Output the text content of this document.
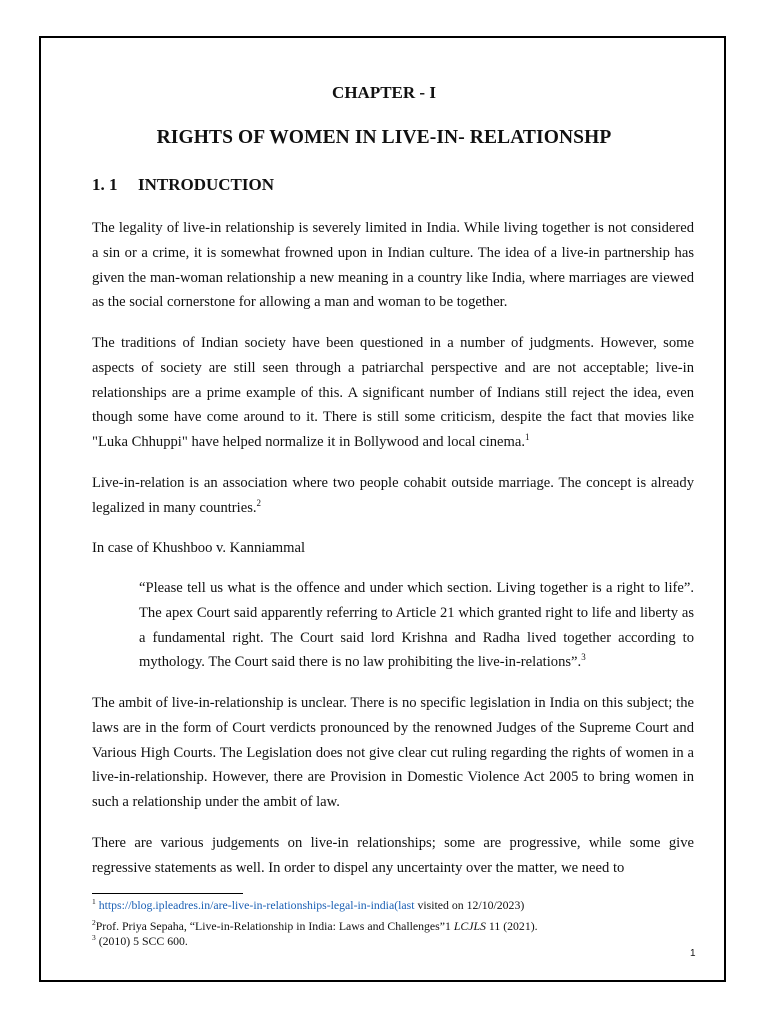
CHAPTER - I
RIGHTS OF WOMEN IN LIVE-IN- RELATIONSHP
1. 1 INTRODUCTION

The legality of live-in relationship is severely limited in India. While living together is not considered a sin or a crime, it is somewhat frowned upon in Indian culture. The idea of a live-in partnership has given the man-woman relationship a new meaning in a country like India, where marriages are viewed as the social cornerstone for allowing a man and woman to be together.

The traditions of Indian society have been questioned in a number of judgments. However, some aspects of society are still seen through a patriarchal perspective and are not acceptable; live-in relationships are a prime example of this. A significant number of Indians still reject the idea, even though some have come around to it. There is still some criticism, despite the fact that movies like "Luka Chhuppi" have helped normalize it in Bollywood and local cinema.$^1$

Live-in-relation is an association where two people cohabit outside marriage. The concept is already legalized in many countries.$^2$

In case of Khushboo v. Kanniammal

“Please tell us what is the offence and under which section. Living together is a right to life”. The apex Court said apparently referring to Article 21 which granted right to life and liberty as a fundamental right. The Court said lord Krishna and Radha lived together according to mythology. The Court said there is no law prohibiting the live-in-relations”.$^3$

The ambit of live-in-relationship is unclear. There is no specific legislation in India on this subject; the laws are in the form of Court verdicts pronounced by the renowned Judges of the Supreme Court and Various High Courts. The Legislation does not give clear cut ruling regarding the rights of women in a live-in-relationship. However, there are Provision in Domestic Violence Act 2005 to bring women in such a relationship under the ambit of law.

There are various judgements on live-in relationships; some are progressive, while some give regressive statements as well. In order to dispel any uncertainty over the matter, we need to

$^1$ https://blog.ipleadres.in/are-live-in-relationships-legal-in-india(last visited on 12/10/2023)
$^2$Prof. Priya Sepaha, “Live-in-Relationship in India: Laws and Challenges”1 LCJLS 11 (2021).
$^3$ (2010) 5 SCC 600.
1
